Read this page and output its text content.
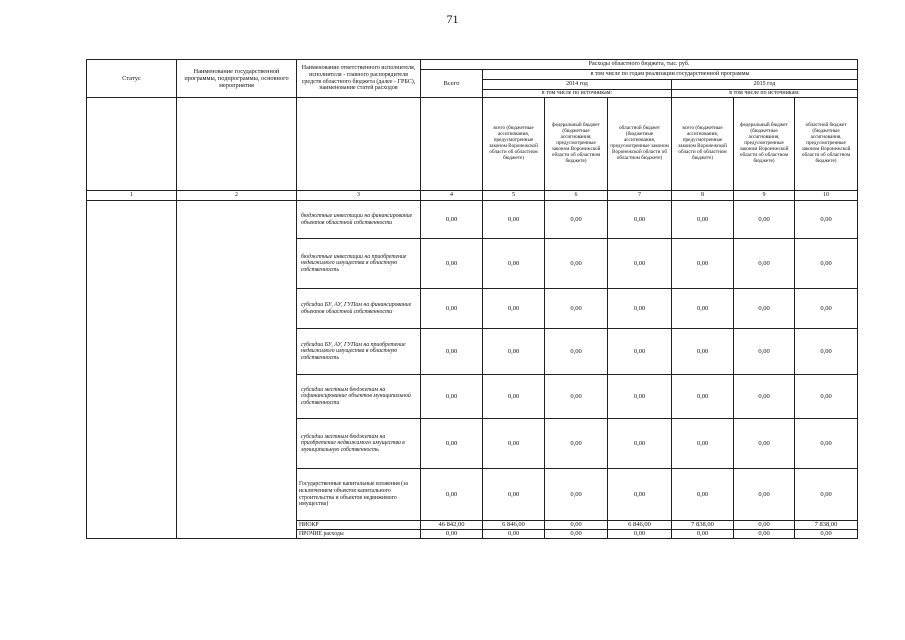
71
Статус	Наименование государственной программы, подпрограммы, основного мероприятия	Наименование ответственного исполнителя, исполнителя - главного распорядителя средств областного бюджета (далее - ГРБС), наименование статей расходов	Расходы областного бюджета, тыс. руб.						
			Всего	в том числе по годам реализации государственной программы					
				2014 год			2015 год		
				в том числе по источникам:			в том числе по источникам:		
				всего (бюджетные ассигнования, предусмотренные законом Воронежской области об областном бюджете)	федеральный бюджет (бюджетные ассигнования, предусмотренные законом Воронежской области об областном бюджете)	областной бюджет (бюджетные ассигнования, предусмотренные законом Воронежской области об областном бюджете)	всего (бюджетные ассигнования, предусмотренные законом Воронежской области об областном бюджете)	федеральный бюджет (бюджетные ассигнования, предусмотренные законом Воронежской области об областном бюджете)	областной бюджет (бюджетные ассигнования, предусмотренные законом Воронежской области об областном бюджете)
1	2	3	4	5	6	7	8	9	10
		бюджетные инвестиции на финансирование объектов областной собственности	0,00	0,00	0,00	0,00	0,00	0,00	0,00
		бюджетные инвестиции на приобретение недвижимого имущества в областную собственность	0,00	0,00	0,00	0,00	0,00	0,00	0,00
		субсидии БУ, АУ, ГУПам на финансирование объектов областной собственности	0,00	0,00	0,00	0,00	0,00	0,00	0,00
		субсидии БУ, АУ, ГУПам на приобретение недвижимого имущества в областную собственность	0,00	0,00	0,00	0,00	0,00	0,00	0,00
		субсидии местным бюджетам на софинансирование объектов муниципальной собственности	0,00	0,00	0,00	0,00	0,00	0,00	0,00
		субсидии местным бюджетам на приобретение недвижимого имущества в муниципальную собственность	0,00	0,00	0,00	0,00	0,00	0,00	0,00
		Государственные капитальные вложения (за исключением объектов капитального строительства и объектов недвижимого имущества)	0,00	0,00	0,00	0,00	0,00	0,00	0,00
		НИОКР	46 842,00	6 846,00	0,00	6 846,00	7 838,00	0,00	7 838,00
		ПРОЧИЕ расходы	0,00	0,00	0,00	0,00	0,00	0,00	0,00
